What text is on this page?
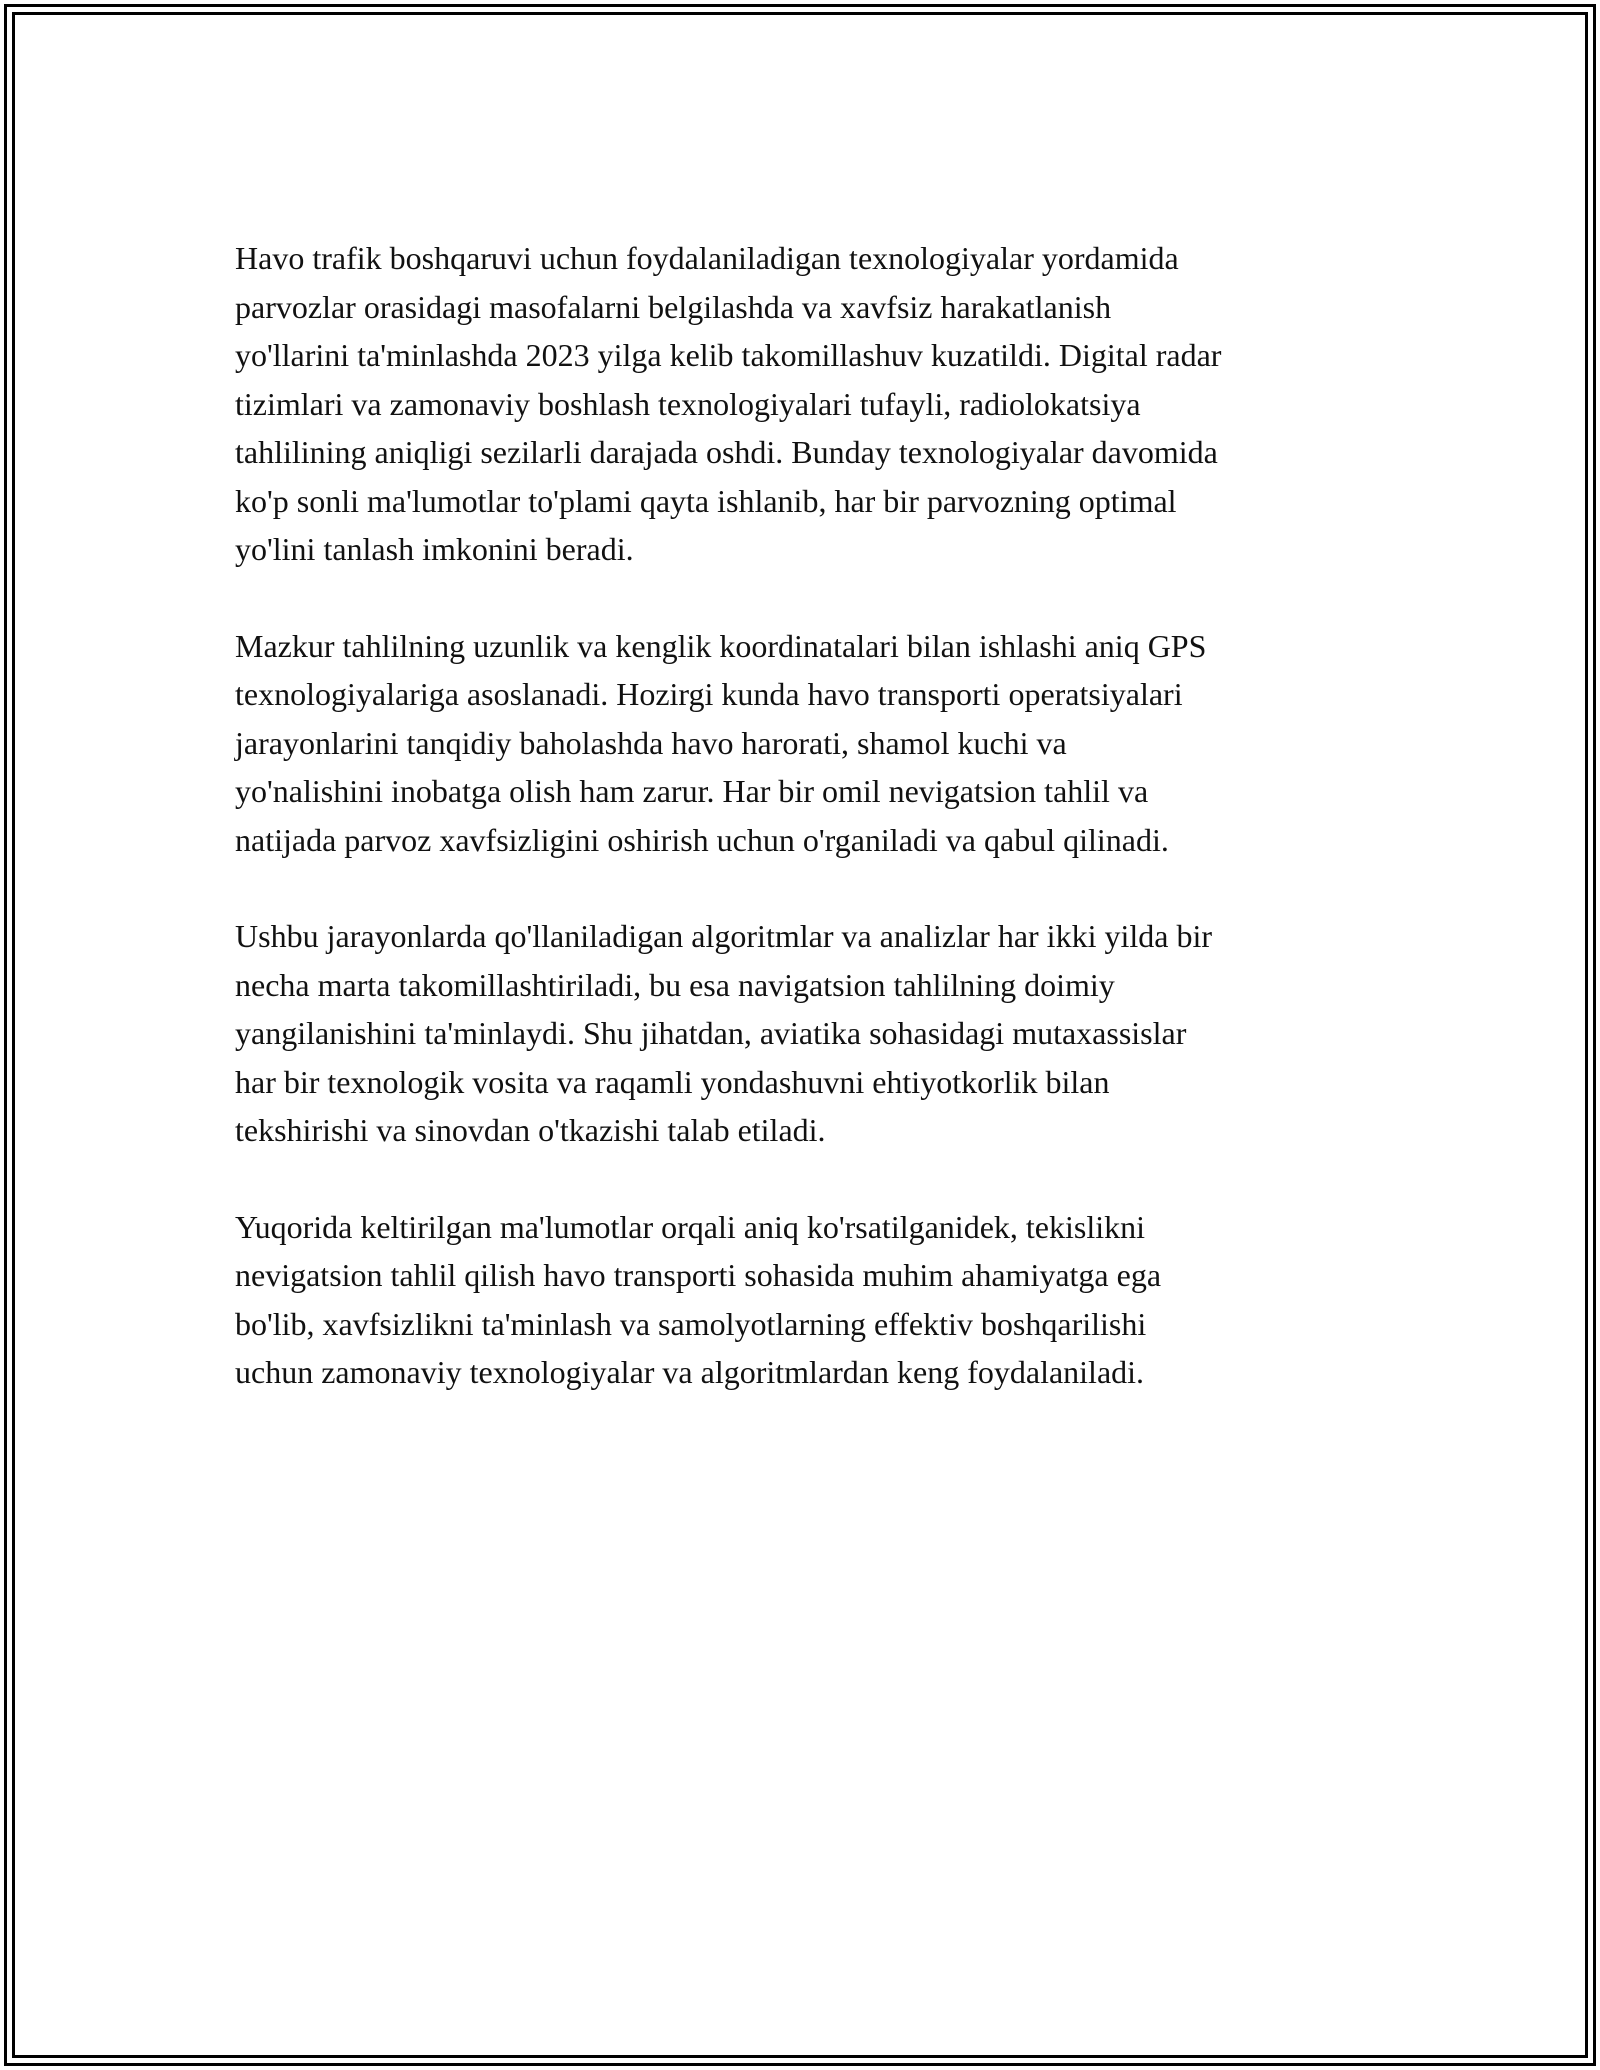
Havo trafik boshqaruvi uchun foydalaniladigan texnologiyalar yordamida
parvozlar orasidagi masofalarni belgilashda va xavfsiz harakatlanish
yo'llarini ta'minlashda 2023 yilga kelib takomillashuv kuzatildi. Digital radar
tizimlari va zamonaviy boshlash texnologiyalari tufayli, radiolokatsiya
tahlilining aniqligi sezilarli darajada oshdi. Bunday texnologiyalar davomida
ko'p sonli ma'lumotlar to'plami qayta ishlanib, har bir parvozning optimal
yo'lini tanlash imkonini beradi.

Mazkur tahlilning uzunlik va kenglik koordinatalari bilan ishlashi aniq GPS
texnologiyalariga asoslanadi. Hozirgi kunda havo transporti operatsiyalari
jarayonlarini tanqidiy baholashda havo harorati, shamol kuchi va
yo'nalishini inobatga olish ham zarur. Har bir omil nevigatsion tahlil va
natijada parvoz xavfsizligini oshirish uchun o'rganiladi va qabul qilinadi.

Ushbu jarayonlarda qo'llaniladigan algoritmlar va analizlar har ikki yilda bir
necha marta takomillashtiriladi, bu esa navigatsion tahlilning doimiy
yangilanishini ta'minlaydi. Shu jihatdan, aviatika sohasidagi mutaxassislar
har bir texnologik vosita va raqamli yondashuvni ehtiyotkorlik bilan
tekshirishi va sinovdan o'tkazishi talab etiladi.

Yuqorida keltirilgan ma'lumotlar orqali aniq ko'rsatilganidek, tekislikni
nevigatsion tahlil qilish havo transporti sohasida muhim ahamiyatga ega
bo'lib, xavfsizlikni ta'minlash va samolyotlarning effektiv boshqarilishi
uchun zamonaviy texnologiyalar va algoritmlardan keng foydalaniladi.
